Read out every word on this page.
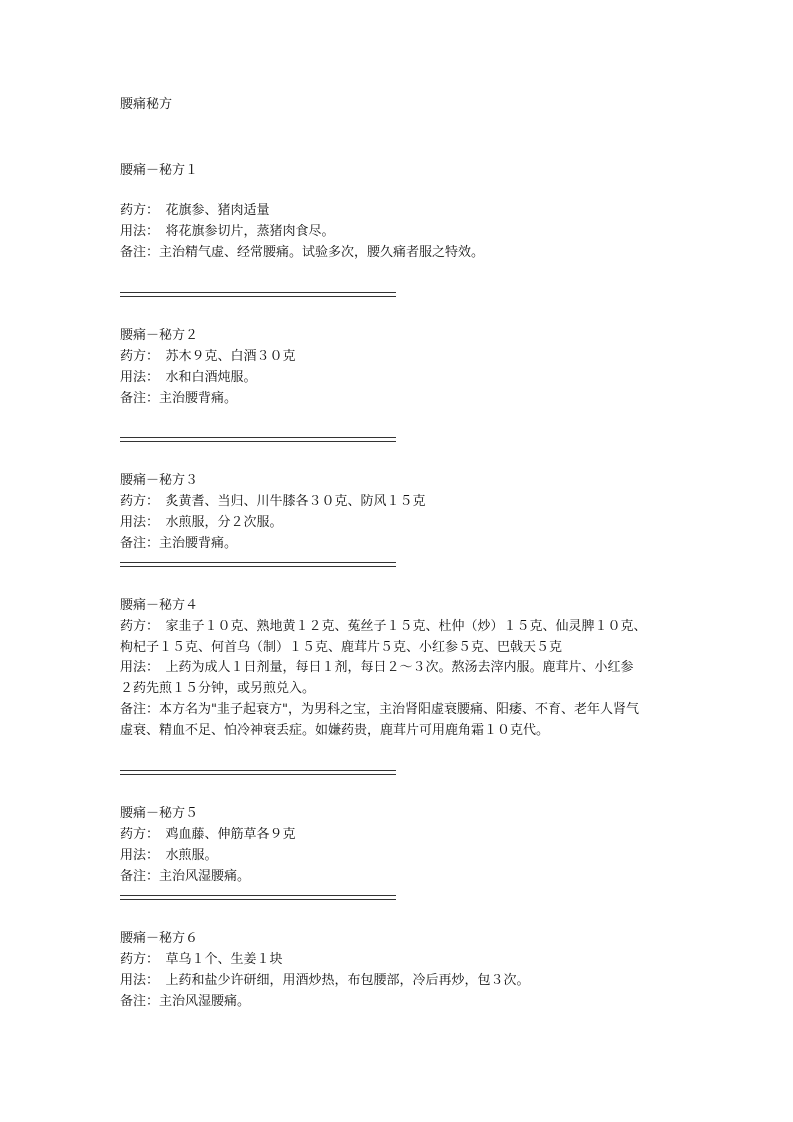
腰痛秘方
腰痛－秘方１
药方：　花旗参、猪肉适量
用法：　将花旗参切片，蒸猪肉食尽。
备注：主治精气虚、经常腰痛。试验多次，腰久痛者服之特效。
腰痛－秘方２
药方：　苏木９克、白酒３０克
用法：　水和白酒炖服。
备注：主治腰背痛。
腰痛－秘方３
药方：　炙黄耆、当归、川牛膝各３０克、防风１５克
用法：　水煎服，分２次服。
备注：主治腰背痛。
腰痛－秘方４
药方：　家韭子１０克、熟地黄１２克、菟丝子１５克、杜仲（炒）１５克、仙灵脾１０克、
枸杞子１５克、何首乌（制）１５克、鹿茸片５克、小红参５克、巴戟天５克
用法：　上药为成人１日剂量，每日１剂，每日２～３次。熬汤去滓内服。鹿茸片、小红参
２药先煎１５分钟，或另煎兑入。
备注：本方名为"韭子起衰方"，为男科之宝，主治肾阳虚衰腰痛、阳痿、不育、老年人肾气
虚衰、精血不足、怕冷神衰丢症。如嫌药贵，鹿茸片可用鹿角霜１０克代。
腰痛－秘方５
药方：　鸡血藤、伸筋草各９克
用法：　水煎服。
备注：主治风湿腰痛。
腰痛－秘方６
药方：　草乌１个、生姜１块
用法：　上药和盐少许研细，用酒炒热，布包腰部，冷后再炒，包３次。
备注：主治风湿腰痛。
